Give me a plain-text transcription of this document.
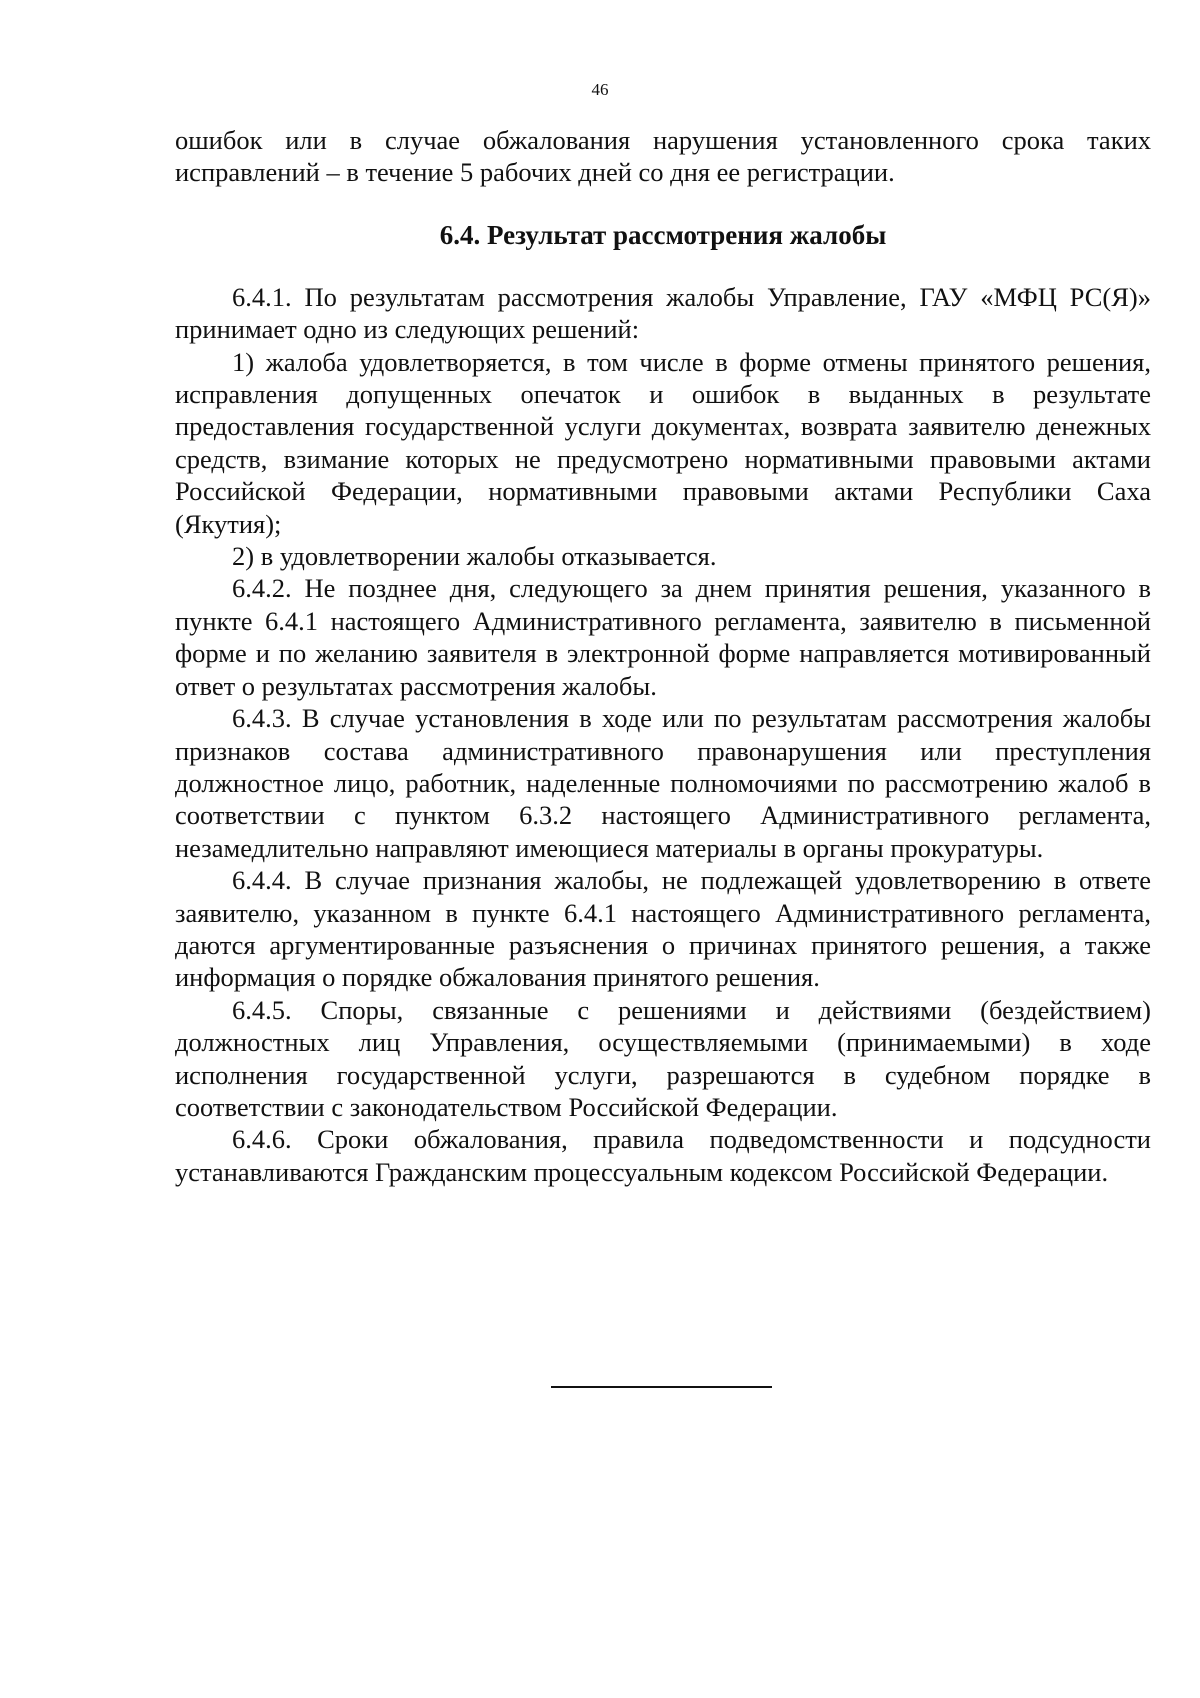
46

ошибок или в случае обжалования нарушения установленного срока таких исправлений – в течение 5 рабочих дней со дня ее регистрации.

6.4. Результат рассмотрения жалобы

6.4.1. По результатам рассмотрения жалобы Управление, ГАУ «МФЦ РС(Я)» принимает одно из следующих решений:

1) жалоба удовлетворяется, в том числе в форме отмены принятого решения, исправления допущенных опечаток и ошибок в выданных в результате предоставления государственной услуги документах, возврата заявителю денежных средств, взимание которых не предусмотрено нормативными правовыми актами Российской Федерации, нормативными правовыми актами Республики Саха (Якутия);

2) в удовлетворении жалобы отказывается.

6.4.2. Не позднее дня, следующего за днем принятия решения, указанного в пункте 6.4.1 настоящего Административного регламента, заявителю в письменной форме и по желанию заявителя в электронной форме направляется мотивированный ответ о результатах рассмотрения жалобы.

6.4.3. В случае установления в ходе или по результатам рассмотрения жалобы признаков состава административного правонарушения или преступления должностное лицо, работник, наделенные полномочиями по рассмотрению жалоб в соответствии с пунктом 6.3.2 настоящего Административного регламента, незамедлительно направляют имеющиеся материалы в органы прокуратуры.

6.4.4. В случае признания жалобы, не подлежащей удовлетворению в ответе заявителю, указанном в пункте 6.4.1 настоящего Административного регламента, даются аргументированные разъяснения о причинах принятого решения, а также информация о порядке обжалования принятого решения.

6.4.5. Споры, связанные с решениями и действиями (бездействием) должностных лиц Управления, осуществляемыми (принимаемыми) в ходе исполнения государственной услуги, разрешаются в судебном порядке в соответствии с законодательством Российской Федерации.

6.4.6. Сроки обжалования, правила подведомственности и подсудности устанавливаются Гражданским процессуальным кодексом Российской Федерации.
